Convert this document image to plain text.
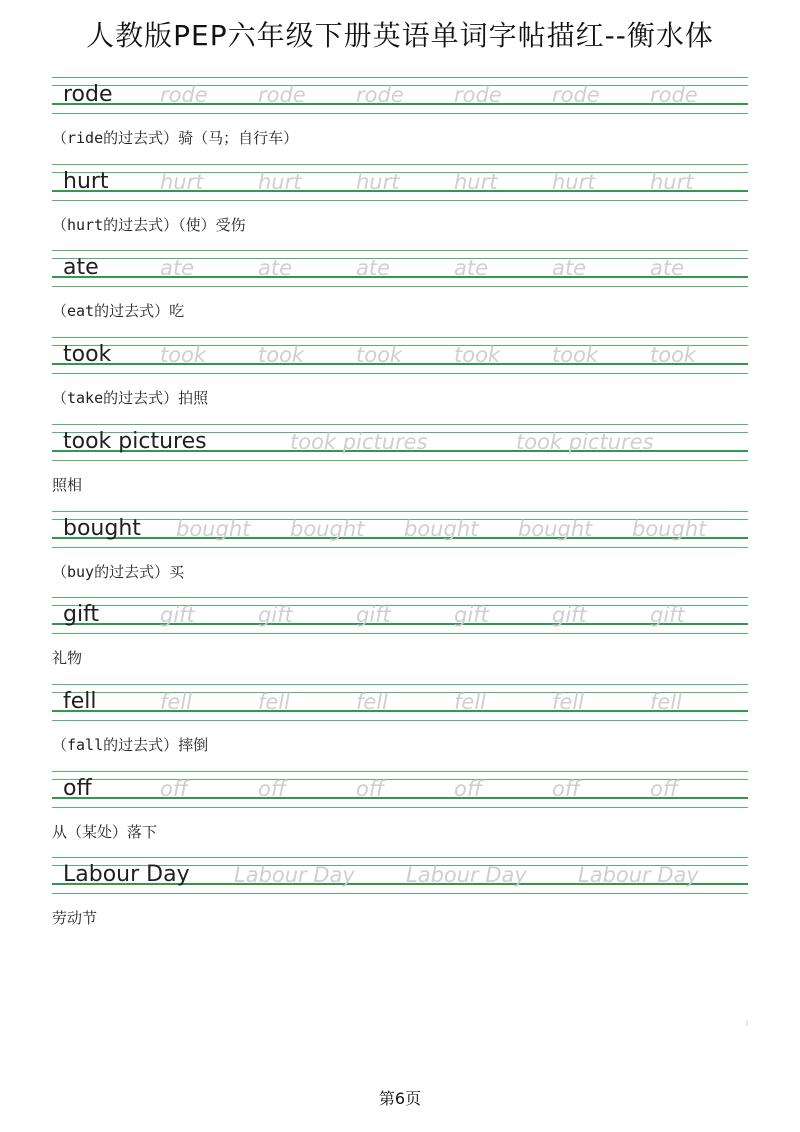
人教版PEP六年级下册英语单词字帖描红--衡水体
rode rode rode rode rode rode rode
（ride的过去式）骑（马；自行车）
hurt hurt	hurt	hurt	hurt	hurt	hurt
（hurt的过去式）（使）受伤
ate	ate	ate	ate	ate	ate	ate
（eat的过去式）吃
took took took took took took took
（take的过去式）拍照
took pictures	took pictures	took pictures
照相
bought bought bought bought bought bought
（buy的过去式）买
gift	gift	gift	gift	gift	gift	gift
礼物
fell	fell	fell	fell	fell	fell	fell
（fall的过去式）摔倒
off	off	off	off	off	off	off
从（某处）落下
Labour Day Labour Day Labour Day Labour Day
劳动节
第6页
